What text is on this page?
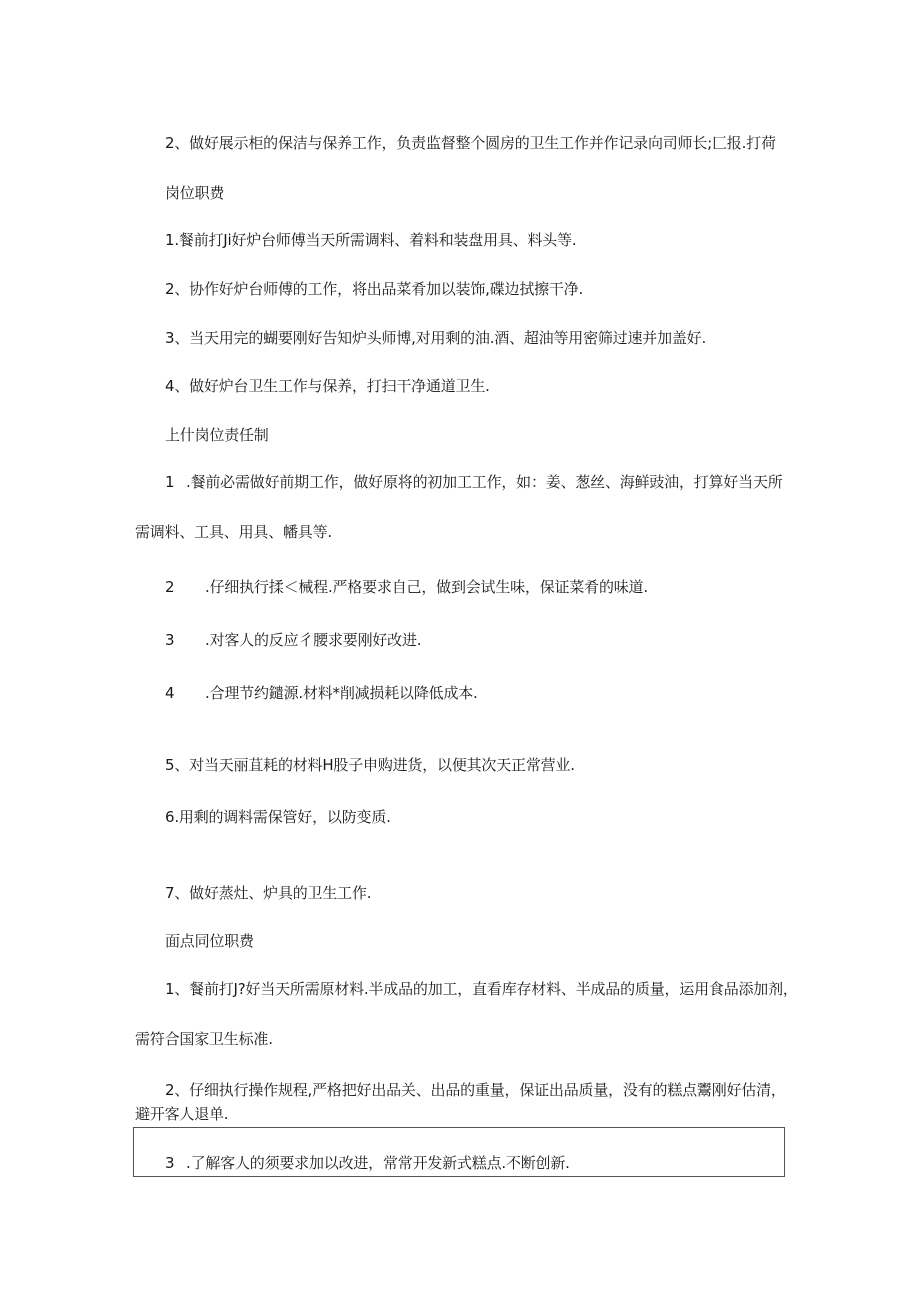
2、做好展示柜的保洁与保养工作，负责监督整个圆房的卫生工作并作记录向司师长;匚报.打荷
岗位职费
1.餐前打Ji好炉台师傅当天所需调料、着料和装盘用具、料头等.
2、协作好炉台师傅的工作，将出品菜肴加以装饰,碟边拭擦干净.
3、当天用完的蝴要刚好告知炉头师博,对用剩的油.酒、超油等用密筛过速并加盖好.
4、做好炉台卫生工作与保养，打扫干净通道卫生.
上什岗位责任制
1 .餐前必需做好前期工作，做好原将的初加工工作，如：姜、葱丝、海鲜豉油，打算好当天所
需调料、工具、用具、幡具等.
2 .仔细执行揉＜械程.严格要求自己，做到会试生味，保证菜肴的味道.
3 .对客人的反应彳腰求要刚好改进.
4 .合理节约鑓源.材料*削减损耗以降低成本.
5、对当天丽苴耗的材料H股子申购进货，以便其次天正常营业.
6.用剩的调料需保管好，以防变质.
7、做好蒸灶、炉具的卫生工作.
面点同位职费
1、餐前打J?好当天所需原材料.半成品的加工，直看库存材料、半成品的质量，运用食品添加剂，
需符合国家卫生标准.
2、仔细执行操作规程,严格把好出品关、出品的重量，保证出品质量，没有的糕点鬻刚好估清，
避开客人退单.
3 .了解客人的须要求加以改进，常常开发新式糕点.不断创新.
